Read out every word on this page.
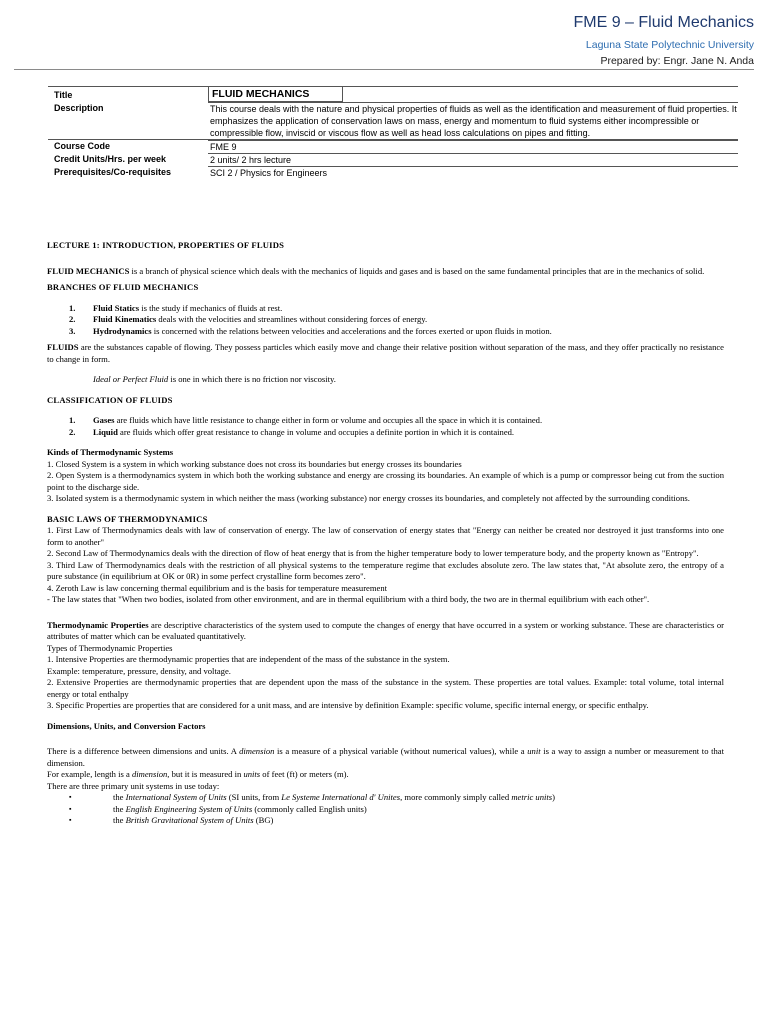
FME 9 – Fluid Mechanics
Laguna State Polytechnic University
Prepared by: Engr. Jane N. Anda
Title	FLUID MECHANICS
Description	This course deals with the nature and physical properties of fluids as well as the identification and measurement of fluid properties. It emphasizes the application of conservation laws on mass, energy and momentum to fluid systems either incompressible or compressible flow, inviscid or viscous flow as well as head loss calculations on pipes and fitting.
Course Code	FME 9
Credit Units/Hrs. per week	2 units/ 2 hrs lecture
Prerequisites/Co-requisites	SCI 2 / Physics for Engineers

LECTURE 1: INTRODUCTION, PROPERTIES OF FLUIDS

FLUID MECHANICS is a branch of physical science which deals with the mechanics of liquids and gases and is based on the same fundamental principles that are in the mechanics of solid.

BRANCHES OF FLUID MECHANICS

1.	Fluid Statics is the study if mechanics of fluids at rest.
2.	Fluid Kinematics deals with the velocities and streamlines without considering forces of energy.
3.	Hydrodynamics is concerned with the relations between velocities and accelerations and the forces exerted or upon fluids in motion.

FLUIDS are the substances capable of flowing. They possess particles which easily move and change their relative position without separation of the mass, and they offer practically no resistance to change in form.

Ideal or Perfect Fluid is one in which there is no friction nor viscosity.

CLASSIFICATION OF FLUIDS

1.	Gases are fluids which have little resistance to change either in form or volume and occupies all the space in which it is contained.
2.	Liquid are fluids which offer great resistance to change in volume and occupies a definite portion in which it is contained.

Kinds of Thermodynamic Systems

1. Closed System is a system in which working substance does not cross its boundaries but energy crosses its boundaries

2. Open System is a thermodynamics system in which both the working substance and energy are crossing its boundaries. An example of which is a pump or compressor being cut from the suction point to the discharge side.

3. Isolated system is a thermodynamic system in which neither the mass (working substance) nor energy crosses its boundaries, and completely not affected by the surrounding conditions.

BASIC LAWS OF THERMODYNAMICS

1. First Law of Thermodynamics deals with law of conservation of energy. The law of conservation of energy states that "Energy can neither be created nor destroyed it just transforms into one form to another"

2. Second Law of Thermodynamics deals with the direction of flow of heat energy that is from the higher temperature body to lower temperature body, and the property known as "Entropy".

3. Third Law of Thermodynamics deals with the restriction of all physical systems to the temperature regime that excludes absolute zero. The law states that, "At absolute zero, the entropy of a pure substance (in equilibrium at OK or 0R) in some perfect crystalline form becomes zero".

4. Zeroth Law is law concerning thermal equilibrium and is the basis for temperature measurement

- The law states that "When two bodies, isolated from other environment, and are in thermal equilibrium with a third body, the two are in thermal equilibrium with each other".

Thermodynamic Properties are descriptive characteristics of the system used to compute the changes of energy that have occurred in a system or working substance. These are characteristics or attributes of matter which can be evaluated quantitatively.

Types of Thermodynamic Properties

1. Intensive Properties are thermodynamic properties that are independent of the mass of the substance in the system.

Example: temperature, pressure, density, and voltage.

2. Extensive Properties are thermodynamic properties that are dependent upon the mass of the substance in the system. These properties are total values. Example: total volume, total internal energy or total enthalpy

3. Specific Properties are properties that are considered for a unit mass, and are intensive by definition Example: specific volume, specific internal energy, or specific enthalpy.

Dimensions, Units, and Conversion Factors

There is a difference between dimensions and units. A dimension is a measure of a physical variable (without numerical values), while a unit is a way to assign a number or measurement to that dimension.

For example, length is a dimension, but it is measured in units of feet (ft) or meters (m).

There are three primary unit systems in use today:

▪	the International System of Units (SI units, from Le Systeme International d' Unites, more commonly simply called metric units)
▪	the English Engineering System of Units (commonly called English units)
▪	the British Gravitational System of Units (BG)
